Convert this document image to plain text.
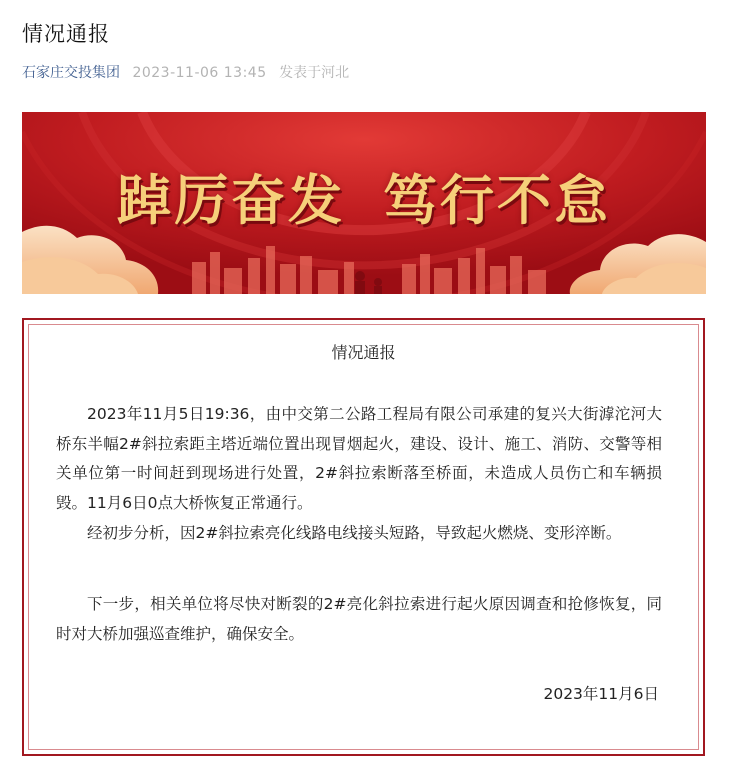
情况通报
石家庄交投集团 2023-11-06 13:45 发表于河北
踔厉奋发 笃行不怠
情况通报

2023年11月5日19:36，由中交第二公路工程局有限公司承建的复兴大街滹沱河大桥东半幅2#斜拉索距主塔近端位置出现冒烟起火，建设、设计、施工、消防、交警等相关单位第一时间赶到现场进行处置，2#斜拉索断落至桥面，未造成人员伤亡和车辆损毁。11月6日0点大桥恢复正常通行。

经初步分析，因2#斜拉索亮化线路电线接头短路，导致起火燃烧、变形淬断。

下一步，相关单位将尽快对断裂的2#亮化斜拉索进行起火原因调查和抢修恢复，同时对大桥加强巡查维护，确保安全。

2023年11月6日
